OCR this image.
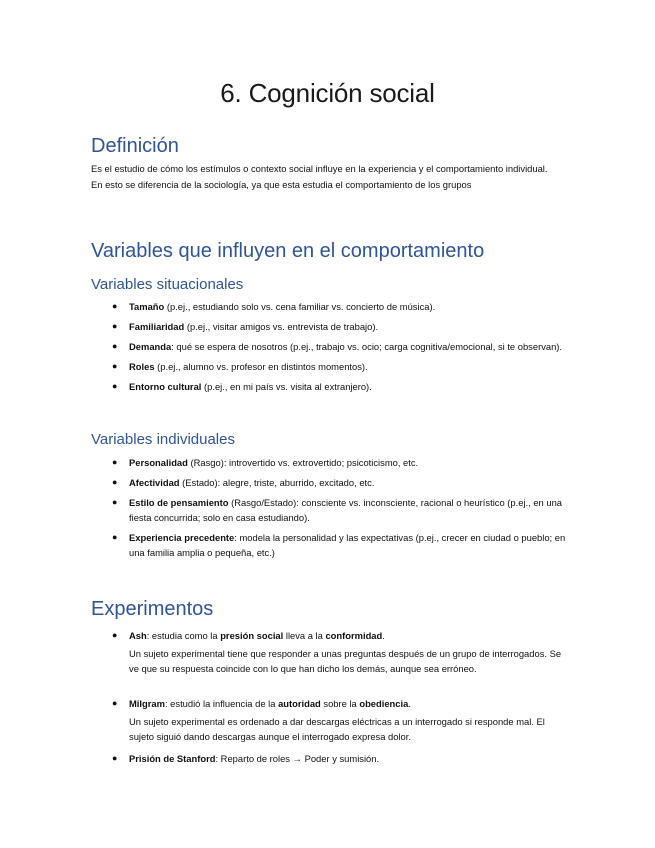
6. Cognición social
Definición

Es el estudio de cómo los estímulos o contexto social influye en la experiencia y el comportamiento individual. En esto se diferencia de la sociología, ya que esta estudia el comportamiento de los grupos

Variables que influyen en el comportamiento
Variables situacionales
● Tamaño (p.ej., estudiando solo vs. cena familiar vs. concierto de música).
● Familiaridad (p.ej., visitar amigos vs. entrevista de trabajo).
● Demanda: qué se espera de nosotros (p.ej., trabajo vs. ocio; carga cognitiva/emocional, si te observan).
● Roles (p.ej., alumno vs. profesor en distintos momentos).
● Entorno cultural (p.ej., en mi país vs. visita al extranjero).
Variables individuales
● Personalidad (Rasgo): introvertido vs. extrovertido; psicoticismo, etc.
● Afectividad (Estado): alegre, triste, aburrido, excitado, etc.
● Estilo de pensamiento (Rasgo/Estado): consciente vs. inconsciente, racional o heurístico (p.ej., en una fiesta concurrida; solo en casa estudiando).
● Experiencia precedente: modela la personalidad y las expectativas (p.ej., crecer en ciudad o pueblo; en una familia amplia o pequeña, etc.)
Experimentos
● Ash: estudia como la presión social lleva a la conformidad.

Un sujeto experimental tiene que responder a unas preguntas después de un grupo de interrogados. Se ve que su respuesta coincide con lo que han dicho los demás, aunque sea erróneo.

● Milgram: estudió la influencia de la autoridad sobre la obediencia.

Un sujeto experimental es ordenado a dar descargas eléctricas a un interrogado si responde mal. El sujeto siguió dando descargas aunque el interrogado expresa dolor.

● Prisión de Stanford: Reparto de roles → Poder y sumisión.
